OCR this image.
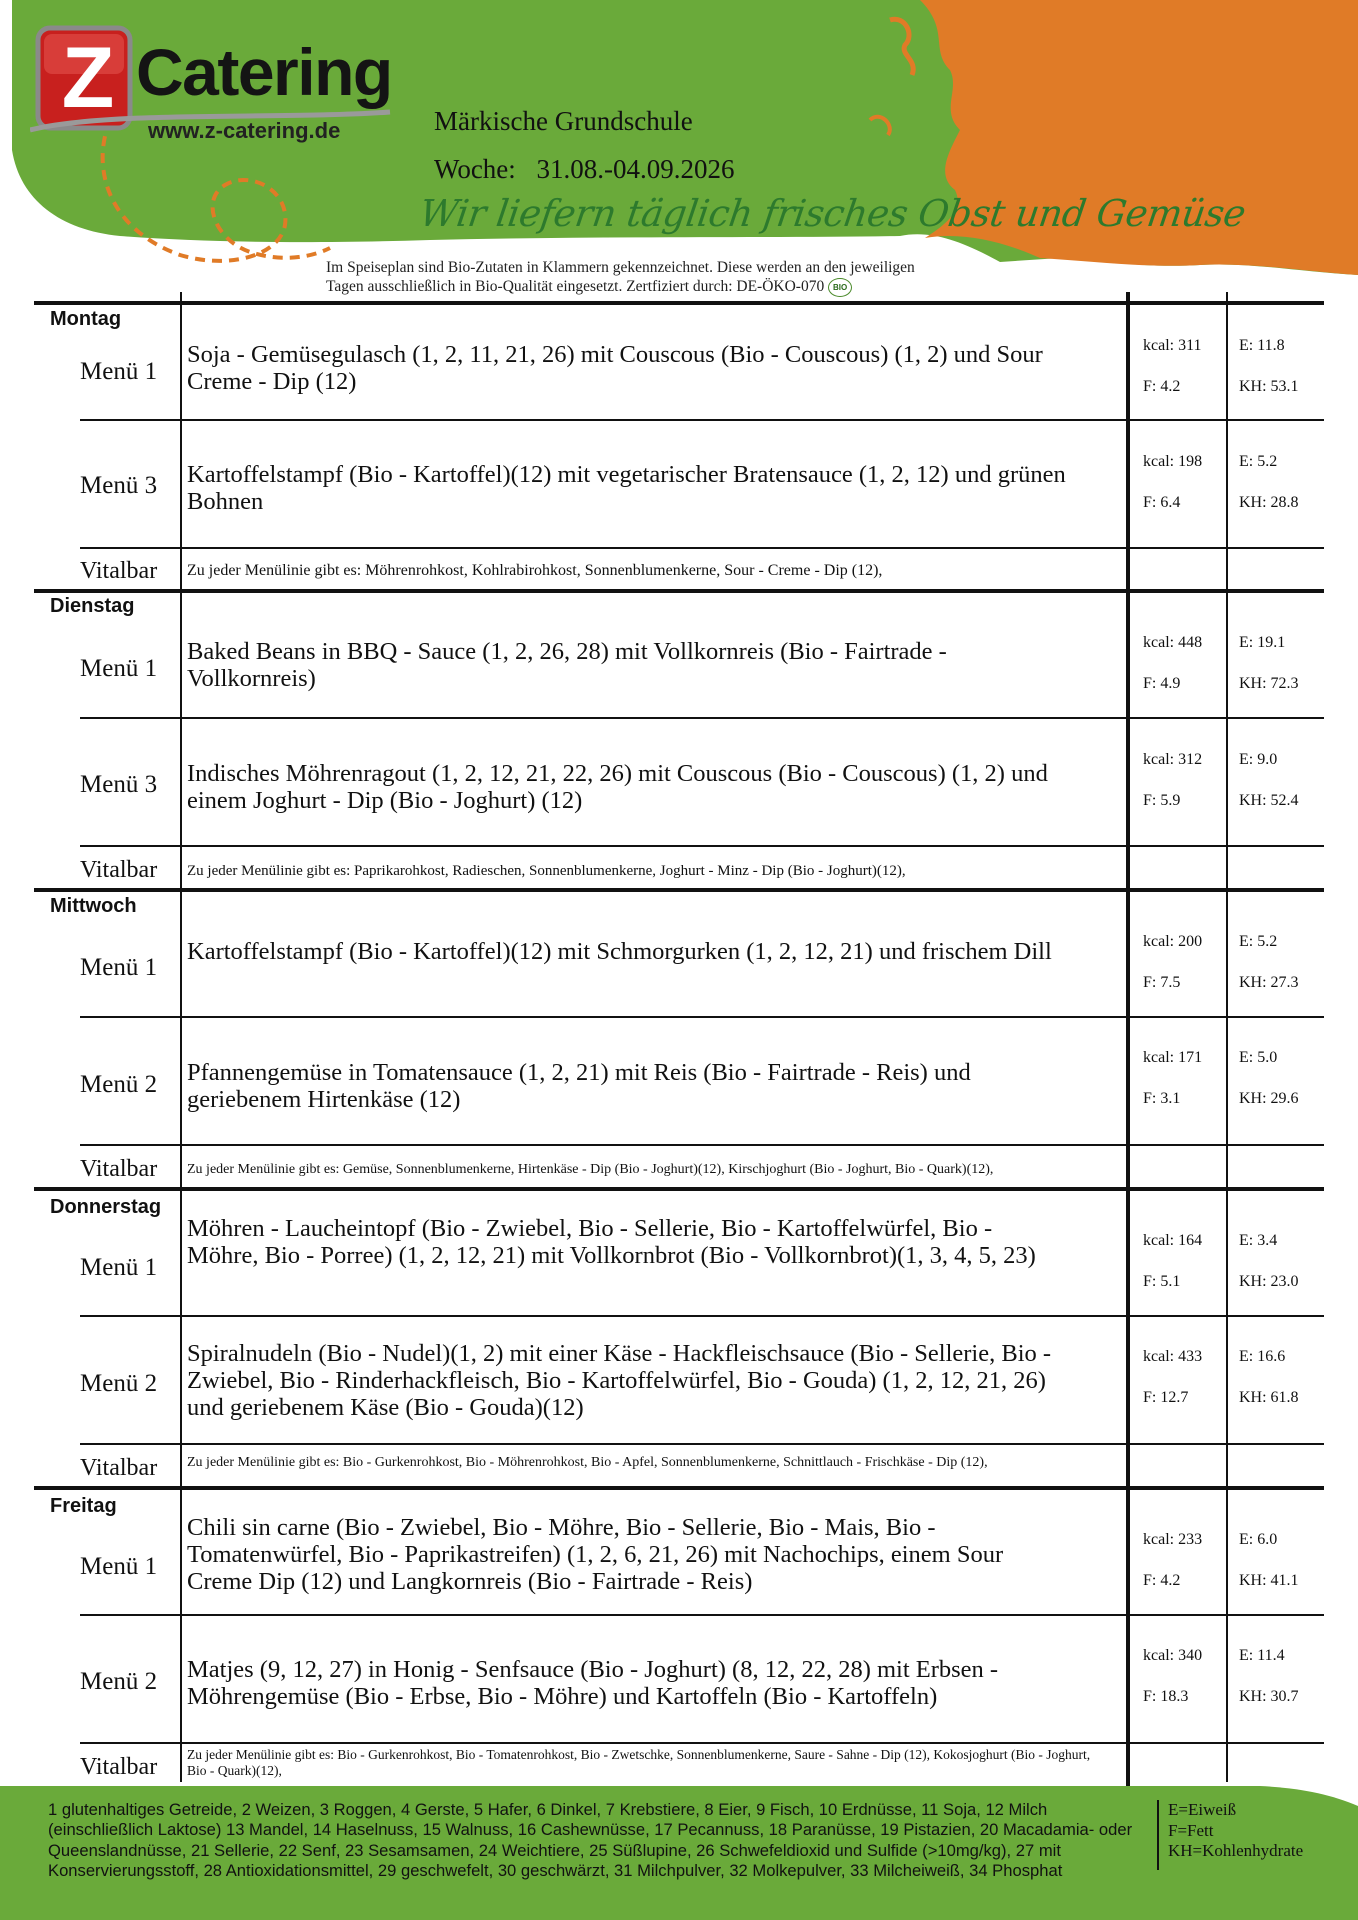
Z Catering
www.z-catering.de	Märkische Grundschule
Woche: 31.08.-04.09.2026
Wir liefern täglich frisches Obst und Gemüse
Im Speiseplan sind Bio-Zutaten in Klammern gekennzeichnet. Diese werden an den jeweiligen
Tagen ausschließlich in Bio-Qualität eingesetzt. Zertfiziert durch: DE-ÖKO-070 BIO
Montag
Menü 1
Soja - Gemüsegulasch (1, 2, 11, 21, 26) mit Couscous (Bio - Couscous) (1, 2) und Sour Creme - Dip (12)
kcal: 311
F: 4.2
E: 11.8
KH: 53.1
Menü 3	Kartoffelstampf (Bio - Kartoffel)(12) mit vegetarischer Bratensauce (1, 2, 12) und grünen Bohnen
kcal: 198
F: 6.4
E: 5.2
KH: 28.8
Vitalbar Zu jeder Menülinie gibt es: Möhrenrohkost, Kohlrabirohkost, Sonnenblumenkerne, Sour - Creme - Dip (12),
Dienstag
Menü 1
Baked Beans in BBQ - Sauce (1, 2, 26, 28) mit Vollkornreis (Bio - Fairtrade - Vollkornreis)
kcal: 448
F: 4.9
E: 19.1
KH: 72.3
Menü 3	Indisches Möhrenragout (1, 2, 12, 21, 22, 26) mit Couscous (Bio - Couscous) (1, 2) und einem Joghurt - Dip (Bio - Joghurt) (12)
kcal: 312
F: 5.9
E: 9.0
KH: 52.4
Vitalbar Zu jeder Menülinie gibt es: Paprikarohkost, Radieschen, Sonnenblumenkerne, Joghurt - Minz - Dip (Bio - Joghurt)(12),
Mittwoch
Menü 1
Kartoffelstampf (Bio - Kartoffel)(12) mit Schmorgurken (1, 2, 12, 21) und frischem Dill	kcal: 200
F: 7.5
E: 5.2
KH: 27.3
Menü 2	Pfannengemüse in Tomatensauce (1, 2, 21) mit Reis (Bio - Fairtrade - Reis) und geriebenem Hirtenkäse (12)
kcal: 171
F: 3.1
E: 5.0
KH: 29.6
Vitalbar Zu jeder Menülinie gibt es: Gemüse, Sonnenblumenkerne, Hirtenkäse - Dip (Bio - Joghurt)(12), Kirschjoghurt (Bio - Joghurt, Bio - Quark)(12),
Donnerstag
Menü 1
Möhren - Laucheintopf (Bio - Zwiebel, Bio - Sellerie, Bio - Kartoffelwürfel, Bio - Möhre, Bio - Porree) (1, 2, 12, 21) mit Vollkornbrot (Bio - Vollkornbrot)(1, 3, 4, 5, 23)
kcal: 164
F: 5.1
E: 3.4
KH: 23.0
Menü 2
Spiralnudeln (Bio - Nudel)(1, 2) mit einer Käse - Hackfleischsauce (Bio - Sellerie, Bio - Zwiebel, Bio - Rinderhackfleisch, Bio - Kartoffelwürfel, Bio - Gouda) (1, 2, 12, 21, 26) und geriebenem Käse (Bio - Gouda)(12)
kcal: 433
F: 12.7
E: 16.6
KH: 61.8
Vitalbar Zu jeder Menülinie gibt es: Bio - Gurkenrohkost, Bio - Möhrenrohkost, Bio - Apfel, Sonnenblumenkerne, Schnittlauch - Frischkäse - Dip (12),
Freitag
Menü 1
Chili sin carne (Bio - Zwiebel, Bio - Möhre, Bio - Sellerie, Bio - Mais, Bio - Tomatenwürfel, Bio - Paprikastreifen) (1, 2, 6, 21, 26) mit Nachochips, einem Sour Creme Dip (12) und Langkornreis (Bio - Fairtrade - Reis)
kcal: 233
F: 4.2
E: 6.0
KH: 41.1
Menü 2	Matjes (9, 12, 27) in Honig - Senfsauce (Bio - Joghurt) (8, 12, 22, 28) mit Erbsen - Möhrengemüse (Bio - Erbse, Bio - Möhre) und Kartoffeln (Bio - Kartoffeln)
kcal: 340
F: 18.3
E: 11.4
KH: 30.7
Vitalbar Zu jeder Menülinie gibt es: Bio - Gurkenrohkost, Bio - Tomatenrohkost, Bio - Zwetschke, Sonnenblumenkerne, Saure - Sahne - Dip (12), Kokosjoghurt (Bio - Joghurt, Bio - Quark)(12),
1 glutenhaltiges Getreide, 2 Weizen, 3 Roggen, 4 Gerste, 5 Hafer, 6 Dinkel, 7 Krebstiere, 8 Eier, 9 Fisch, 10 Erdnüsse, 11 Soja, 12 Milch (einschließlich Laktose) 13 Mandel, 14 Haselnuss, 15 Walnuss, 16 Cashewnüsse, 17 Pecannuss, 18 Paranüsse, 19 Pistazien, 20 Macadamia- oder Queenslandnüsse, 21 Sellerie, 22 Senf, 23 Sesamsamen, 24 Weichtiere, 25 Süßlupine, 26 Schwefeldioxid und Sulfide (>10mg/kg), 27 mit Konservierungsstoff, 28 Antioxidationsmittel, 29 geschwefelt, 30 geschwärzt, 31 Milchpulver, 32 Molkepulver, 33 Milcheiweiß, 34 Phosphat
E=Eiweiß
F=Fett
KH=Kohlenhydrate
